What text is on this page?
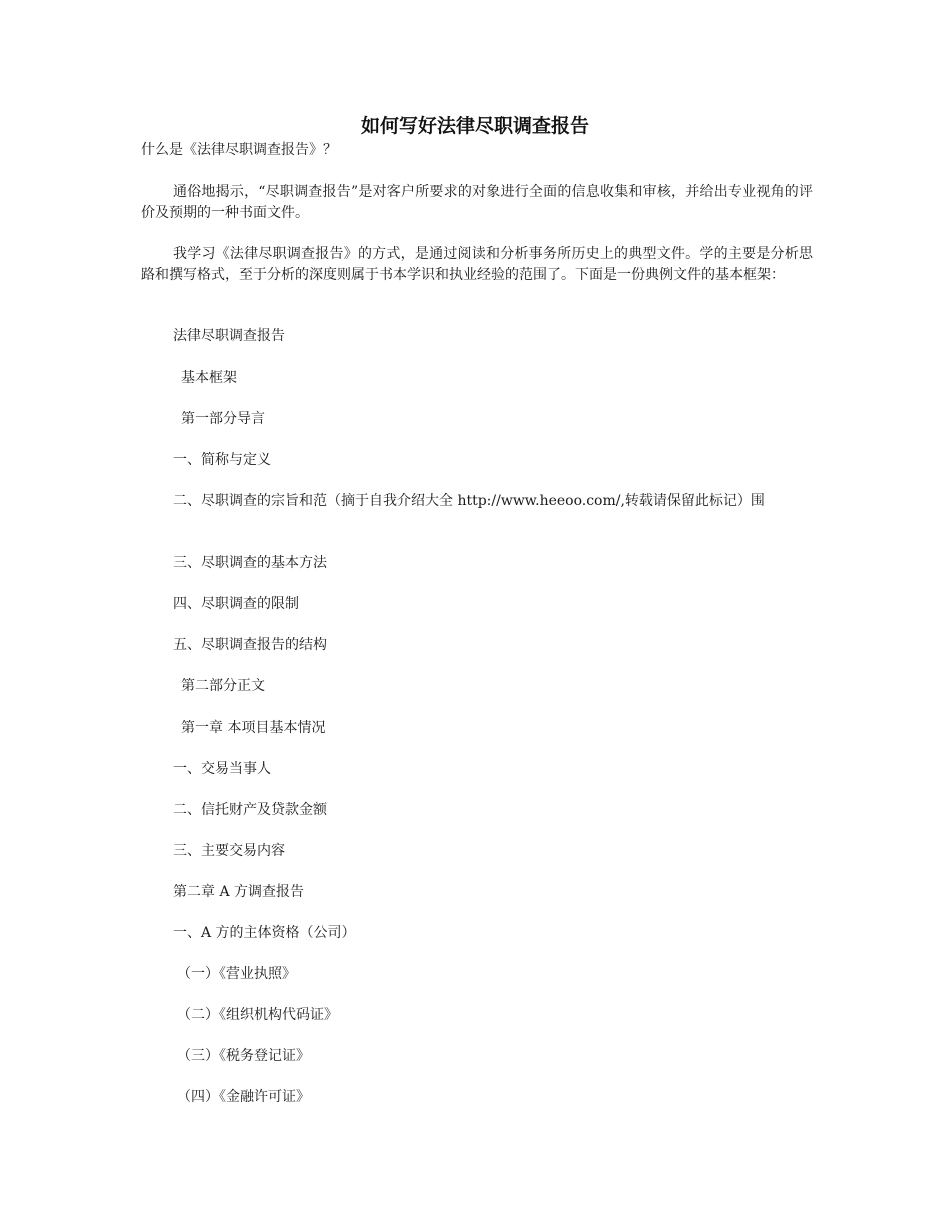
如何写好法律尽职调查报告
什么是《法律尽职调查报告》？
通俗地揭示，“尽职调查报告”是对客户所要求的对象进行全面的信息收集和审核，并给出专业视角的评价及预期的一种书面文件。
我学习《法律尽职调查报告》的方式，是通过阅读和分析事务所历史上的典型文件。学的主要是分析思路和撰写格式，至于分析的深度则属于书本学识和执业经验的范围了。下面是一份典例文件的基本框架：
法律尽职调查报告
基本框架
第一部分导言
一、简称与定义
二、尽职调查的宗旨和范（摘于自我介绍大全 http://www.heeoo.com/,转载请保留此标记）围
三、尽职调查的基本方法
四、尽职调查的限制
五、尽职调查报告的结构
第二部分正文
第一章 本项目基本情况
一、交易当事人
二、信托财产及贷款金额
三、主要交易内容
第二章 A 方调查报告
一、A 方的主体资格（公司）
（一）《营业执照》
（二）《组织机构代码证》
（三）《税务登记证》
（四）《金融许可证》
